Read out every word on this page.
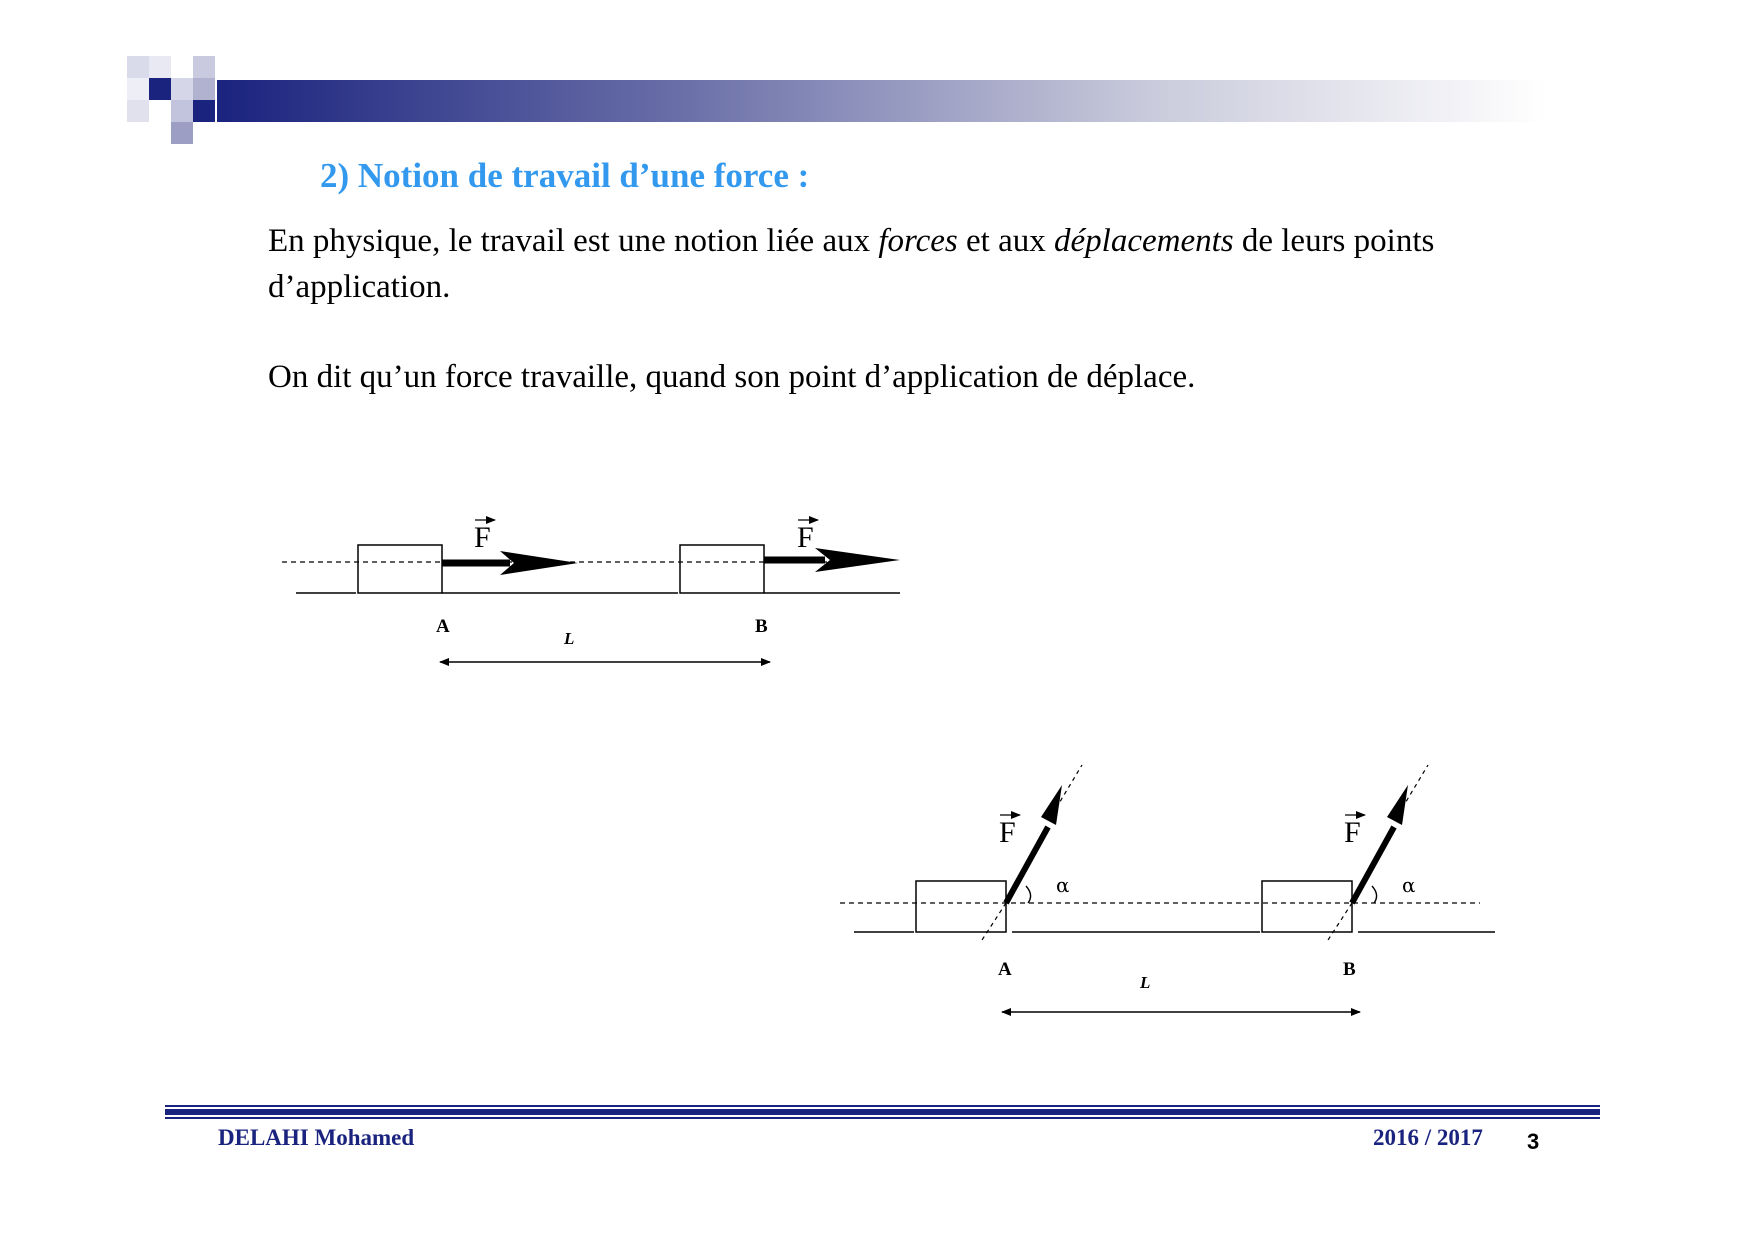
2) Notion de travail d’une force :

En physique, le travail est une notion liée aux forces et aux déplacements de leurs points d’application.

On dit qu’un force travaille, quand son point d’application de déplace.

F	F
A	B
L
α	α
F	F
A	B
L

DELAHI Mohamed	2016 / 2017 3
